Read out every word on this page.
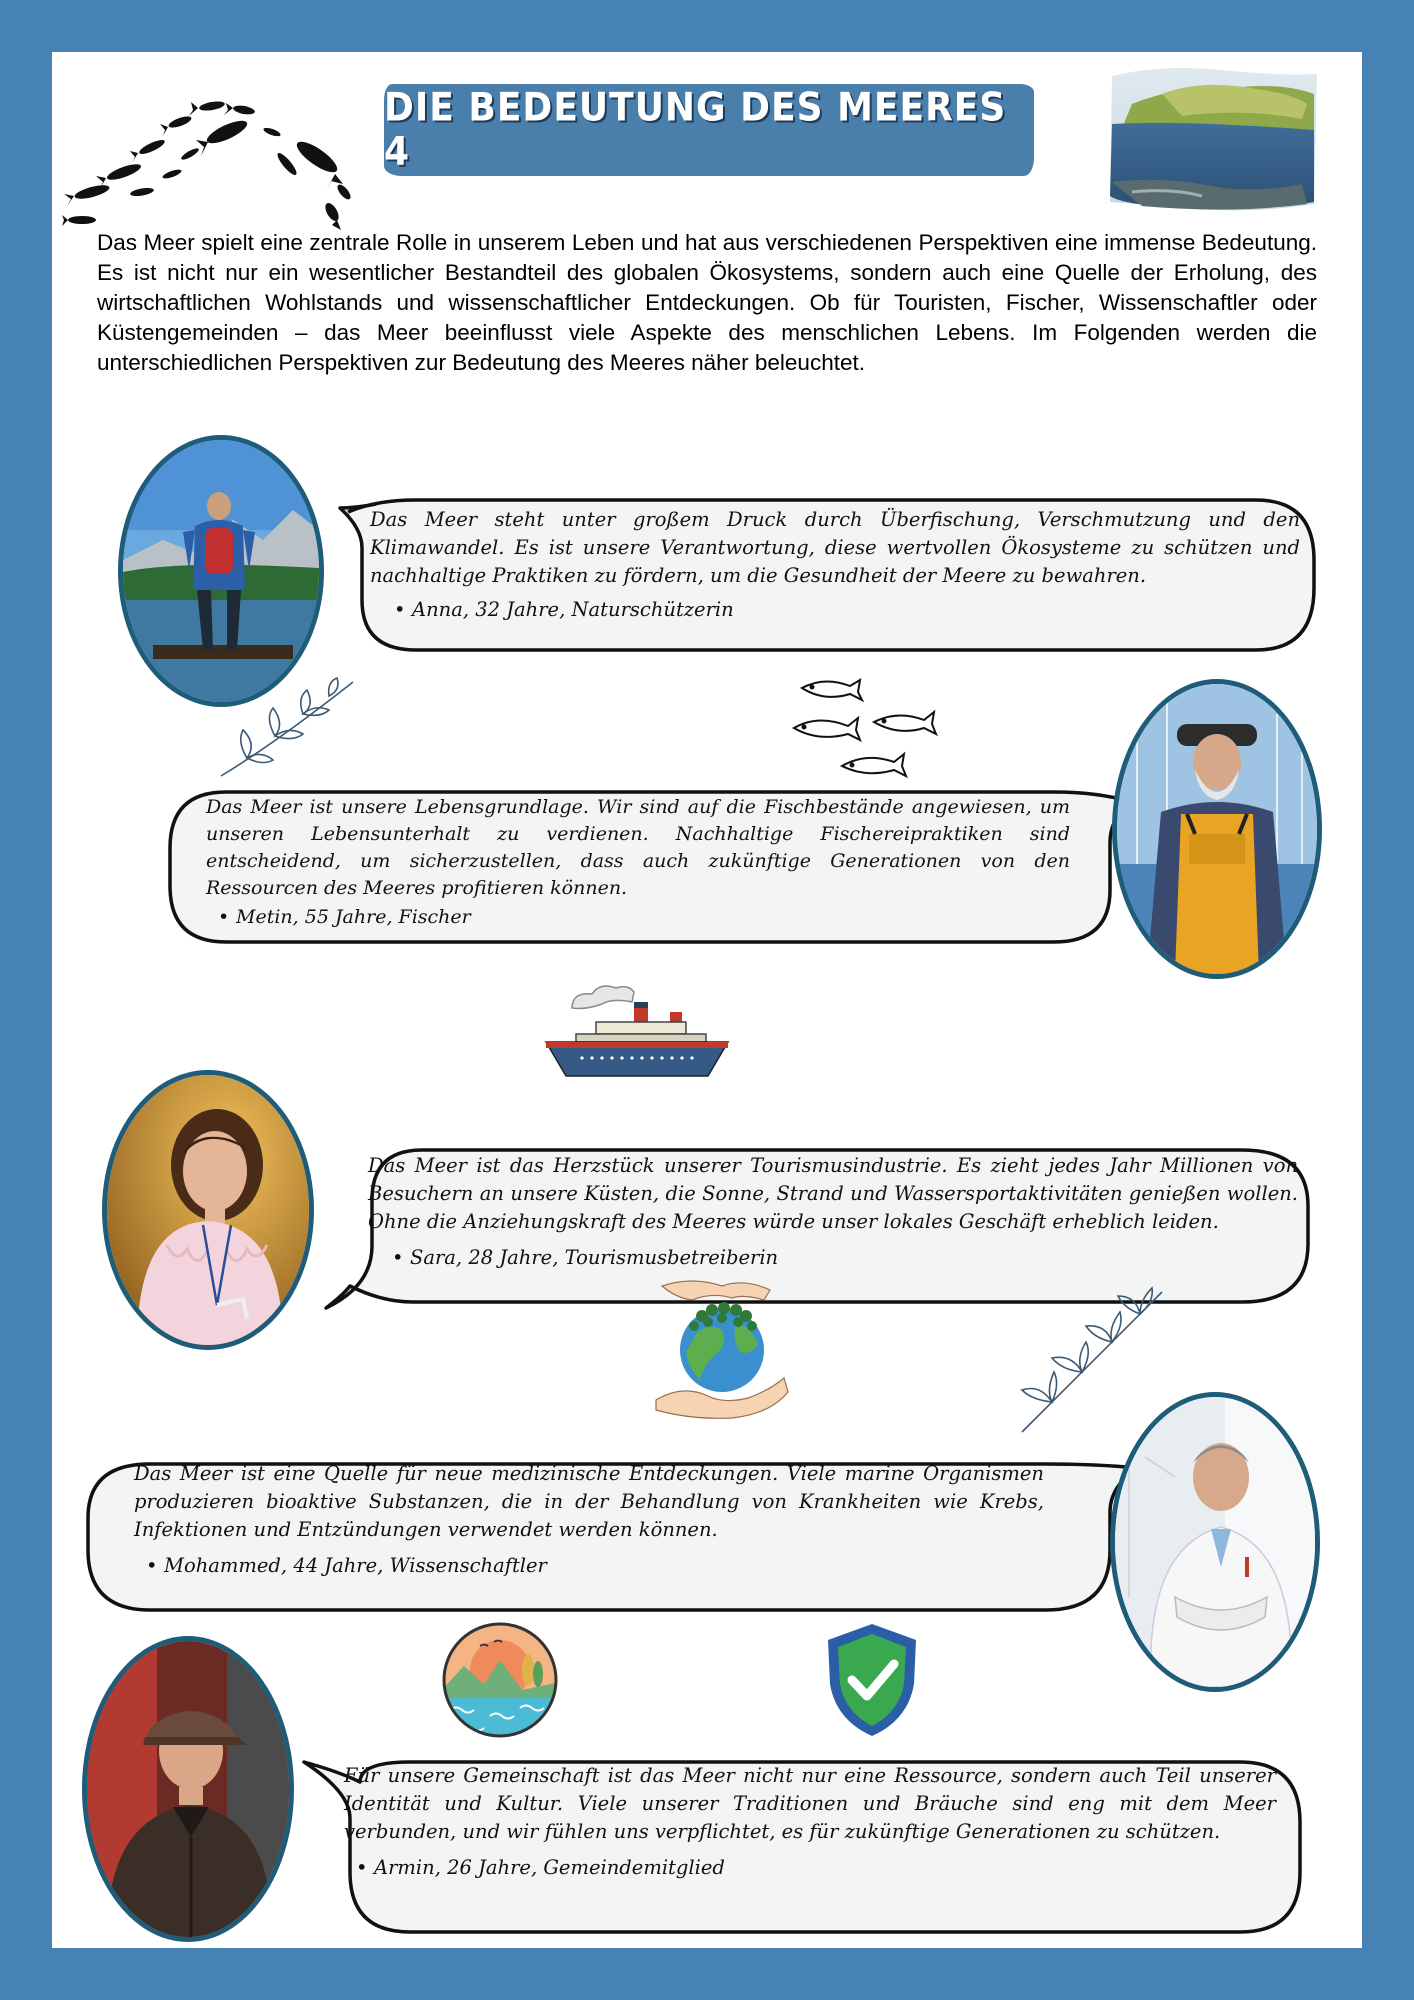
DIE BEDEUTUNG DES MEERES 4

Das Meer spielt eine zentrale Rolle in unserem Leben und hat aus verschiedenen Perspektiven eine immense Bedeutung. Es ist nicht nur ein wesentlicher Bestandteil des globalen Ökosystems, sondern auch eine Quelle der Erholung, des wirtschaftlichen Wohlstands und wissenschaftlicher Entdeckungen. Ob für Touristen, Fischer, Wissenschaftler oder Küstengemeinden – das Meer beeinflusst viele Aspekte des menschlichen Lebens. Im Folgenden werden die unterschiedlichen Perspektiven zur Bedeutung des Meeres näher beleuchtet.

Das Meer steht unter großem Druck durch Überfischung, Verschmutzung und den Klimawandel. Es ist unsere Verantwortung, diese wertvollen Ökosysteme zu schützen und nachhaltige Praktiken zu fördern, um die Gesundheit der Meere zu bewahren.

• Anna, 32 Jahre, Naturschützerin

Das Meer ist unsere Lebensgrundlage. Wir sind auf die Fischbestände angewiesen, um unseren Lebensunterhalt zu verdienen. Nachhaltige Fischereipraktiken sind entscheidend, um sicherzustellen, dass auch zukünftige Generationen von den Ressourcen des Meeres profitieren können.

• Metin, 55 Jahre, Fischer

Das Meer ist das Herzstück unserer Tourismusindustrie. Es zieht jedes Jahr Millionen von Besuchern an unsere Küsten, die Sonne, Strand und Wassersportaktivitäten genießen wollen. Ohne die Anziehungskraft des Meeres würde unser lokales Geschäft erheblich leiden.

• Sara, 28 Jahre, Tourismusbetreiberin

Das Meer ist eine Quelle für neue medizinische Entdeckungen. Viele marine Organismen produzieren bioaktive Substanzen, die in der Behandlung von Krankheiten wie Krebs, Infektionen und Entzündungen verwendet werden können.

• Mohammed, 44 Jahre, Wissenschaftler

Für unsere Gemeinschaft ist das Meer nicht nur eine Ressource, sondern auch Teil unserer Identität und Kultur. Viele unserer Traditionen und Bräuche sind eng mit dem Meer verbunden, und wir fühlen uns verpflichtet, es für zukünftige Generationen zu schützen.

• Armin, 26 Jahre, Gemeindemitglied
